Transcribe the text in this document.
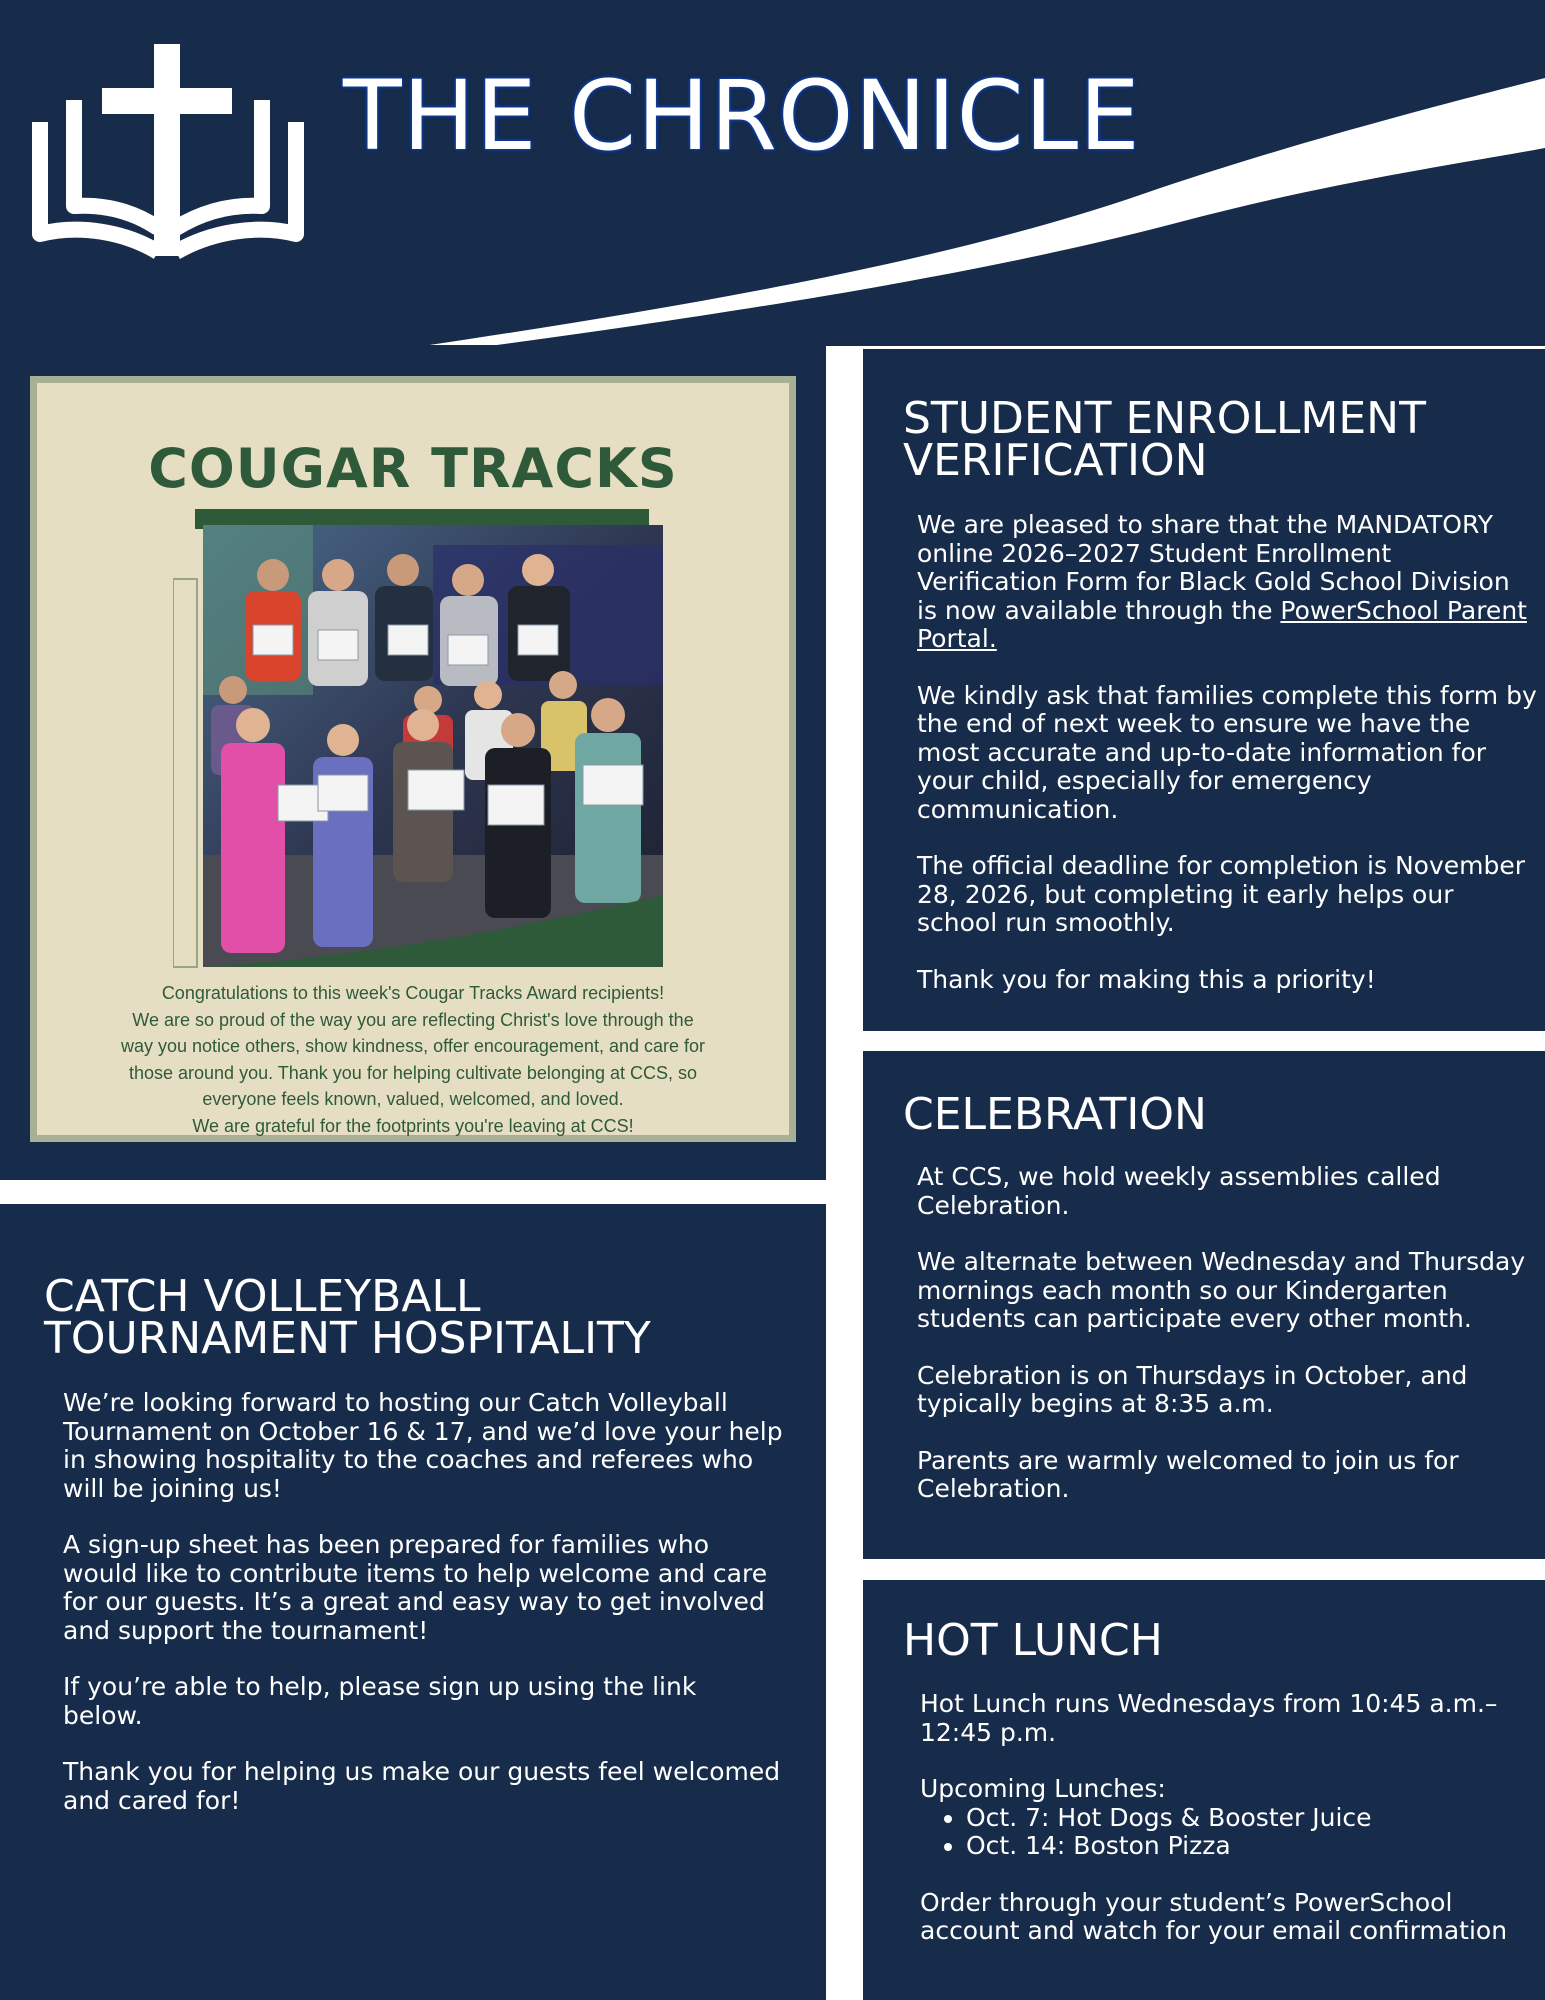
THE CHRONICLE
COUGAR TRACKS

Congratulations to this week's Cougar Tracks Award recipients!

We are so proud of the way you are reflecting Christ's love through the

way you notice others, show kindness, offer encouragement, and care for

those around you. Thank you for helping cultivate belonging at CCS, so

everyone feels known, valued, welcomed, and loved.

We are grateful for the footprints you're leaving at CCS!

STUDENT ENROLLMENT
VERIFICATION

We are pleased to share that the MANDATORY online 2026–2027 Student Enrollment Verification Form for Black Gold School Division is now available through the PowerSchool Parent Portal.

We kindly ask that families complete this form by the end of next week to ensure we have the most accurate and up-to-date information for your child, especially for emergency communication.

The official deadline for completion is November 28, 2026, but completing it early helps our school run smoothly.

Thank you for making this a priority!

CELEBRATION

At CCS, we hold weekly assemblies called Celebration.

We alternate between Wednesday and Thursday mornings each month so our Kindergarten students can participate every other month.

Celebration is on Thursdays in October, and typically begins at 8:35 a.m.

Parents are warmly welcomed to join us for Celebration.

HOT LUNCH

Hot Lunch runs Wednesdays from 10:45 a.m.–12:45 p.m.

Upcoming Lunches:
• Oct. 7: Hot Dogs & Booster Juice
• Oct. 14: Boston Pizza

Order through your student’s PowerSchool account and watch for your email confirmation

CATCH VOLLEYBALL
TOURNAMENT HOSPITALITY

We’re looking forward to hosting our Catch Volleyball Tournament on October 16 & 17, and we’d love your help in showing hospitality to the coaches and referees who will be joining us!

A sign-up sheet has been prepared for families who would like to contribute items to help welcome and care for our guests. It’s a great and easy way to get involved and support the tournament!

If you’re able to help, please sign up using the link below.

Thank you for helping us make our guests feel welcomed and cared for!
